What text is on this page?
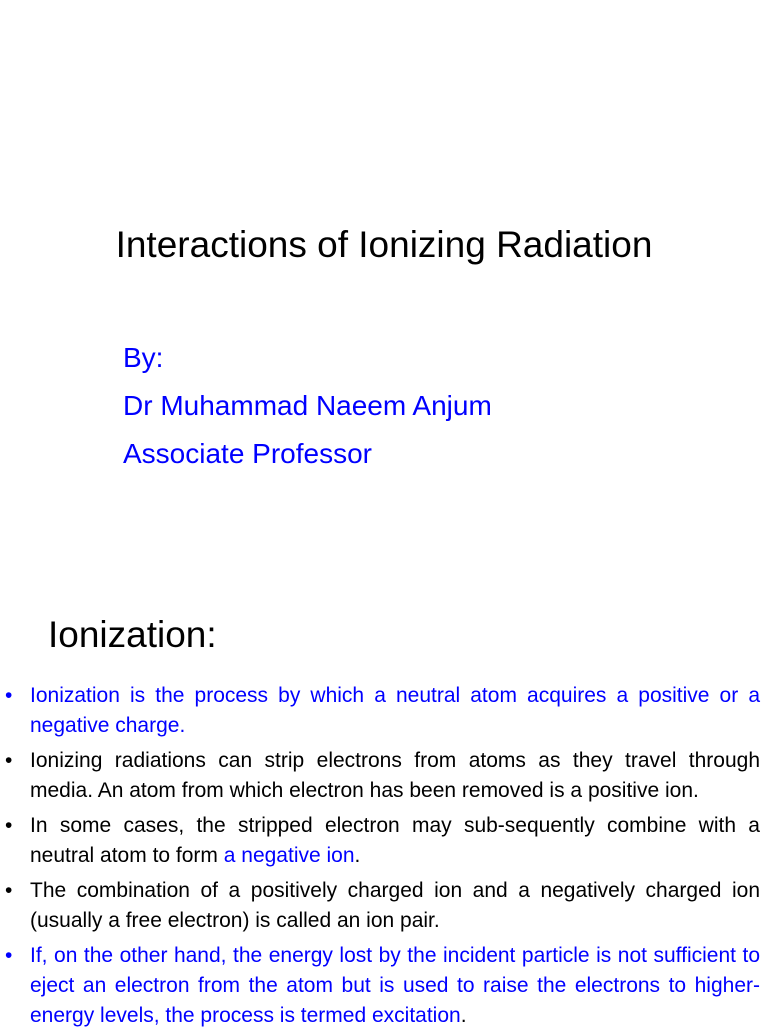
Interactions of Ionizing Radiation
By:
Dr Muhammad Naeem Anjum
Associate Professor
Ionization:
• Ionization is the process by which a neutral atom acquires a positive or a negative charge.
• Ionizing radiations can strip electrons from atoms as they travel through media. An atom from which electron has been removed is a positive ion.
• In some cases, the stripped electron may sub-sequently combine with a neutral atom to form a negative ion.
• The combination of a positively charged ion and a negatively charged ion (usually a free electron) is called an ion pair.
• If, on the other hand, the energy lost by the incident particle is not sufficient to eject an electron from the atom but is used to raise the electrons to higher-energy levels, the process is termed excitation.
